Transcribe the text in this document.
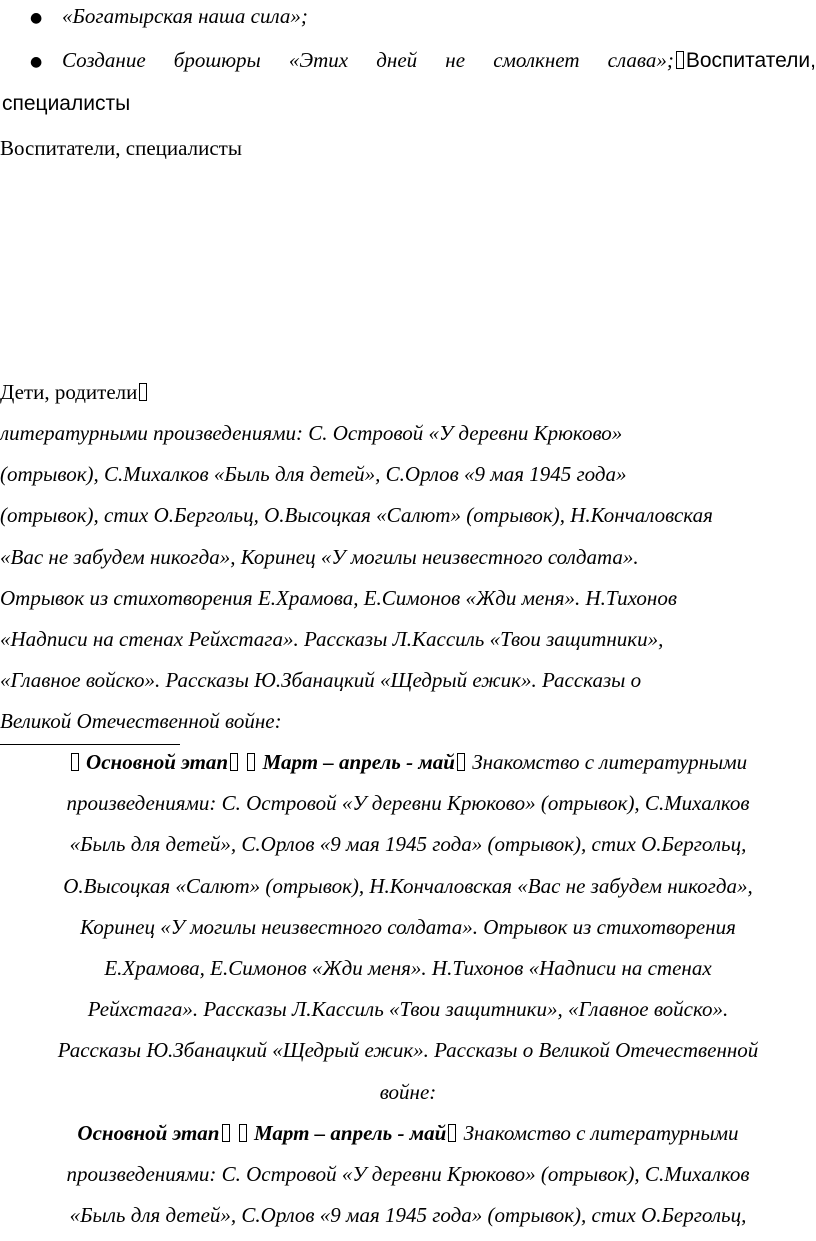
● «Богатырская наша сила»;
● Создание брошюры «Этих дней не смолкнет слава»; Воспитатели,
специалисты
Воспитатели, специалисты
Дети, родители
литературными произведениями: С. Островой «У деревни Крюково»
(отрывок), С.Михалков «Быль для детей», С.Орлов «9 мая 1945 года»
(отрывок), стих О.Бергольц, О.Высоцкая «Салют» (отрывок), Н.Кончаловская
«Вас не забудем никогда», Коринец «У могилы неизвестного солдата».
Отрывок из стихотворения Е.Храмова, Е.Симонов «Жди меня». Н.Тихонов
«Надписи на стенах Рейхстага». Рассказы Л.Кассиль «Твои защитники»,
«Главное войско». Рассказы Ю.Збанацкий «Щедрый ежик». Рассказы о
Великой Отечественной войне:
Основной этап Март – апрель - май Знакомство с литературными
произведениями: С. Островой «У деревни Крюково» (отрывок), С.Михалков
«Быль для детей», С.Орлов «9 мая 1945 года» (отрывок), стих О.Бергольц,
О.Высоцкая «Салют» (отрывок), Н.Кончаловская «Вас не забудем никогда»,
Коринец «У могилы неизвестного солдата». Отрывок из стихотворения
Е.Храмова, Е.Симонов «Жди меня». Н.Тихонов «Надписи на стенах
Рейхстага». Рассказы Л.Кассиль «Твои защитники», «Главное войско».
Рассказы Ю.Збанацкий «Щедрый ежик». Рассказы о Великой Отечественной
войне:
Основной этап Март – апрель - май Знакомство с литературными
произведениями: С. Островой «У деревни Крюково» (отрывок), С.Михалков
«Быль для детей», С.Орлов «9 мая 1945 года» (отрывок), стих О.Бергольц,
